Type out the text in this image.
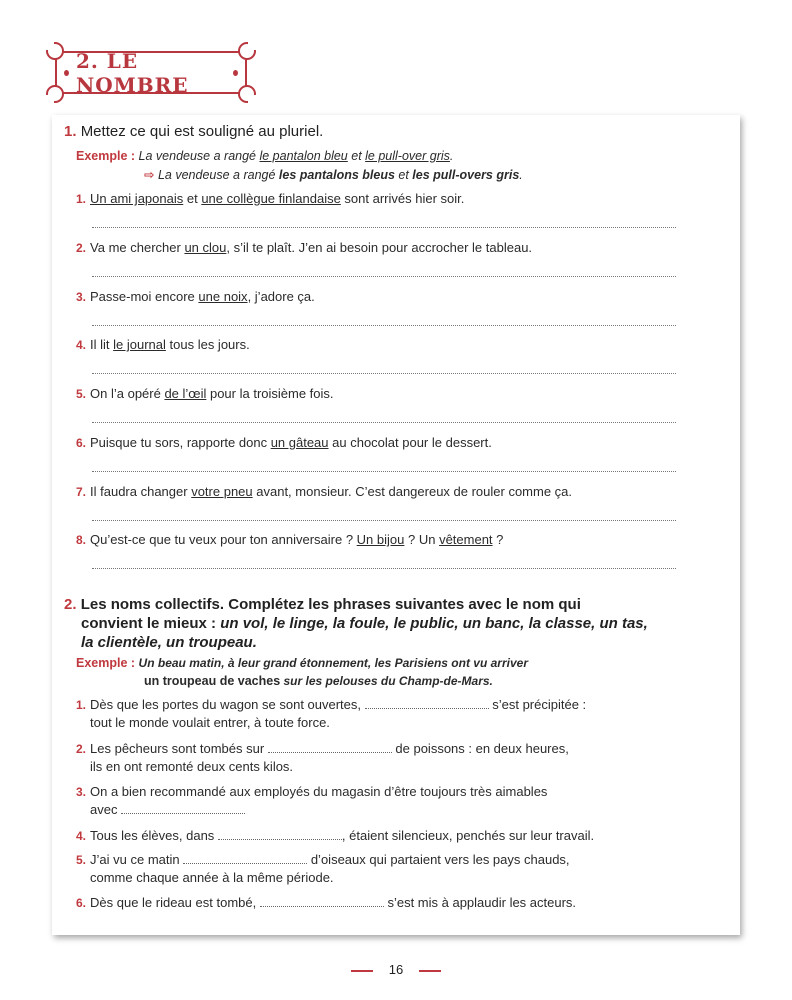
2. LE NOMBRE
1. Mettez ce qui est souligné au pluriel.
Exemple : La vendeuse a rangé le pantalon bleu et le pull-over gris.
⇨ La vendeuse a rangé les pantalons bleus et les pull-overs gris.
1. Un ami japonais et une collègue finlandaise sont arrivés hier soir.
2. Va me chercher un clou, s’il te plaît. J’en ai besoin pour accrocher le tableau.
3. Passe-moi encore une noix, j’adore ça.
4. Il lit le journal tous les jours.
5. On l’a opéré de l’œil pour la troisième fois.
6. Puisque tu sors, rapporte donc un gâteau au chocolat pour le dessert.
7. Il faudra changer votre pneu avant, monsieur. C’est dangereux de rouler comme ça.
8. Qu’est-ce que tu veux pour ton anniversaire ? Un bijou ? Un vêtement ?
2. Les noms collectifs. Complétez les phrases suivantes avec le nom qui
convient le mieux : un vol, le linge, la foule, le public, un banc, la classe, un tas,
la clientèle, un troupeau.
Exemple : Un beau matin, à leur grand étonnement, les Parisiens ont vu arriver
un troupeau de vaches sur les pelouses du Champ-de-Mars.
1. Dès que les portes du wagon se sont ouvertes,	s’est précipitée :
tout le monde voulait entrer, à toute force.
2. Les pêcheurs sont tombés sur	de poissons : en deux heures,
ils en ont remonté deux cents kilos.
3. On a bien recommandé aux employés du magasin d’être toujours très aimables
avec
4. Tous les élèves, dans	, étaient silencieux, penchés sur leur travail.
5. J’ai vu ce matin	d’oiseaux qui partaient vers les pays chauds,
comme chaque année à la même période.
6. Dès que le rideau est tombé,	s’est mis à applaudir les acteurs.
16
